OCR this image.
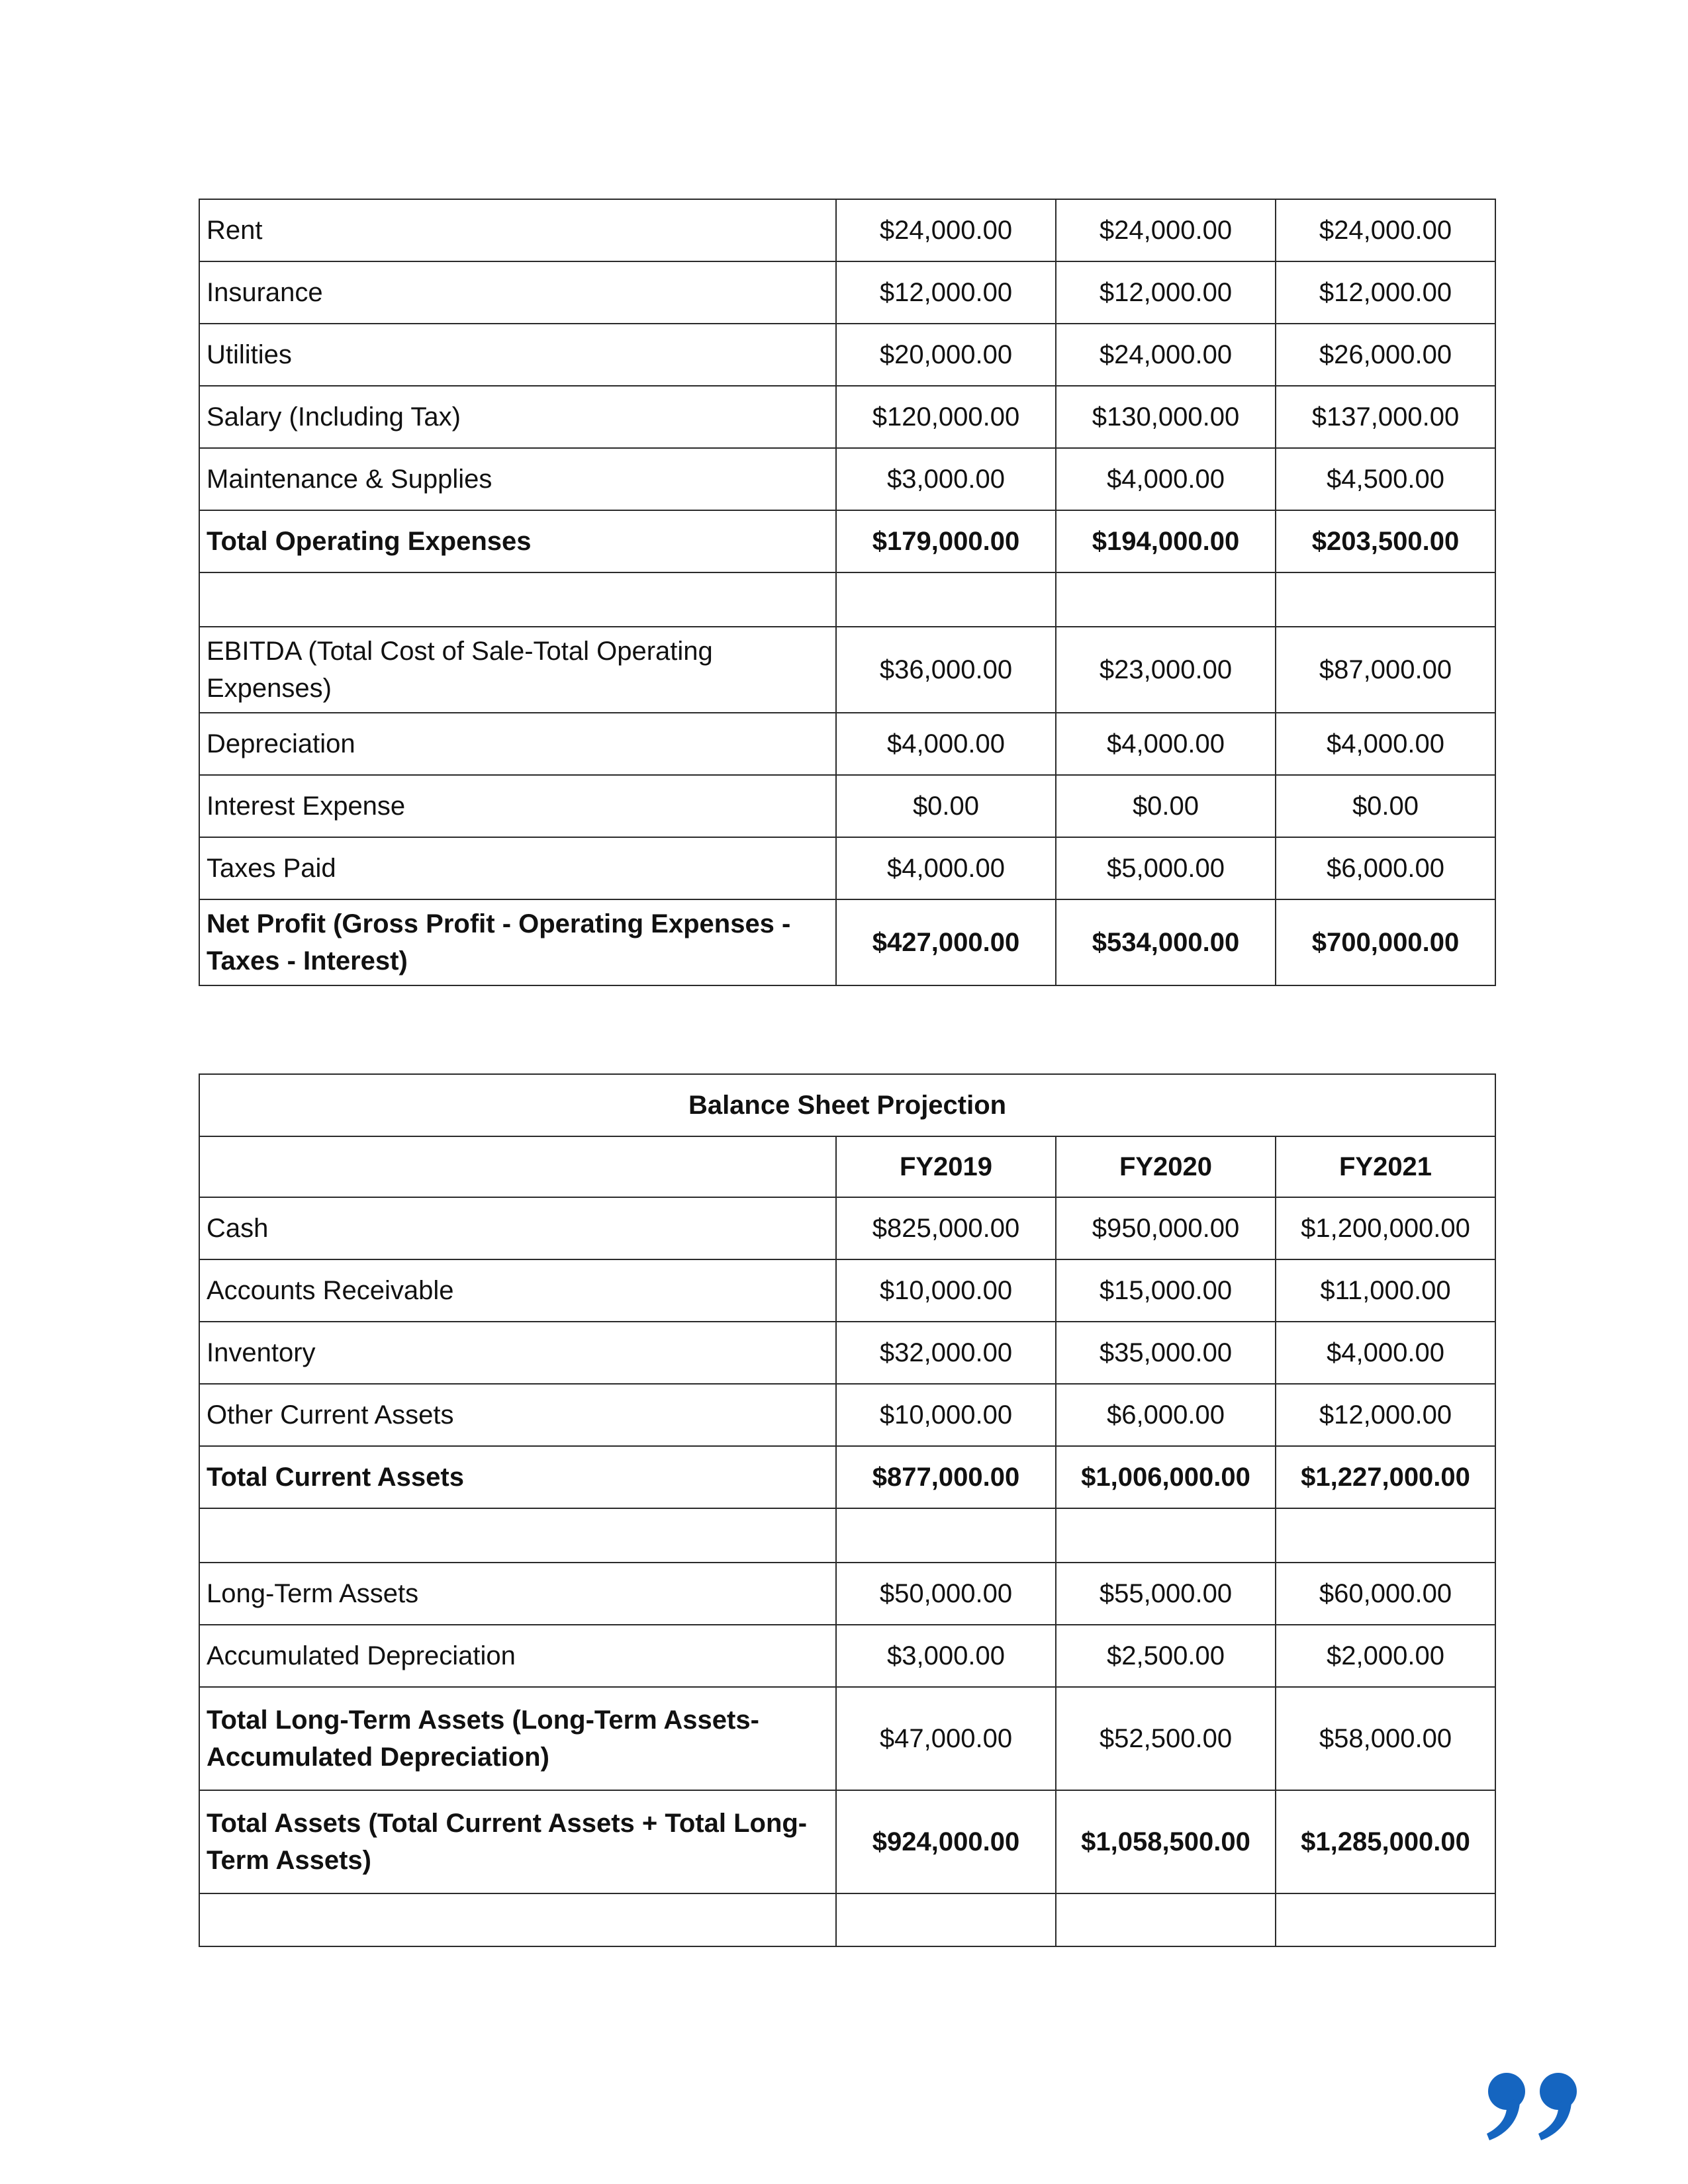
Rent	$24,000.00	$24,000.00	$24,000.00
Insurance	$12,000.00	$12,000.00	$12,000.00
Utilities	$20,000.00	$24,000.00	$26,000.00
Salary (Including Tax)	$120,000.00	$130,000.00	$137,000.00
Maintenance & Supplies	$3,000.00	$4,000.00	$4,500.00
Total Operating Expenses	$179,000.00	$194,000.00	$203,500.00

EBITDA (Total Cost of Sale-Total Operating Expenses)	$36,000.00	$23,000.00	$87,000.00
Depreciation	$4,000.00	$4,000.00	$4,000.00
Interest Expense	$0.00	$0.00	$0.00
Taxes Paid	$4,000.00	$5,000.00	$6,000.00
Net Profit (Gross Profit - Operating Expenses - Taxes - Interest)	$427,000.00	$534,000.00	$700,000.00
Balance Sheet Projection			
	FY2019	FY2020	FY2021
Cash	$825,000.00	$950,000.00	$1,200,000.00
Accounts Receivable	$10,000.00	$15,000.00	$11,000.00
Inventory	$32,000.00	$35,000.00	$4,000.00
Other Current Assets	$10,000.00	$6,000.00	$12,000.00
Total Current Assets	$877,000.00	$1,006,000.00	$1,227,000.00

Long-Term Assets	$50,000.00	$55,000.00	$60,000.00
Accumulated Depreciation	$3,000.00	$2,500.00	$2,000.00
Total Long-Term Assets (Long-Term Assets-Accumulated Depreciation)	$47,000.00	$52,500.00	$58,000.00
Total Assets (Total Current Assets + Total Long-Term Assets)	$924,000.00	$1,058,500.00	$1,285,000.00
